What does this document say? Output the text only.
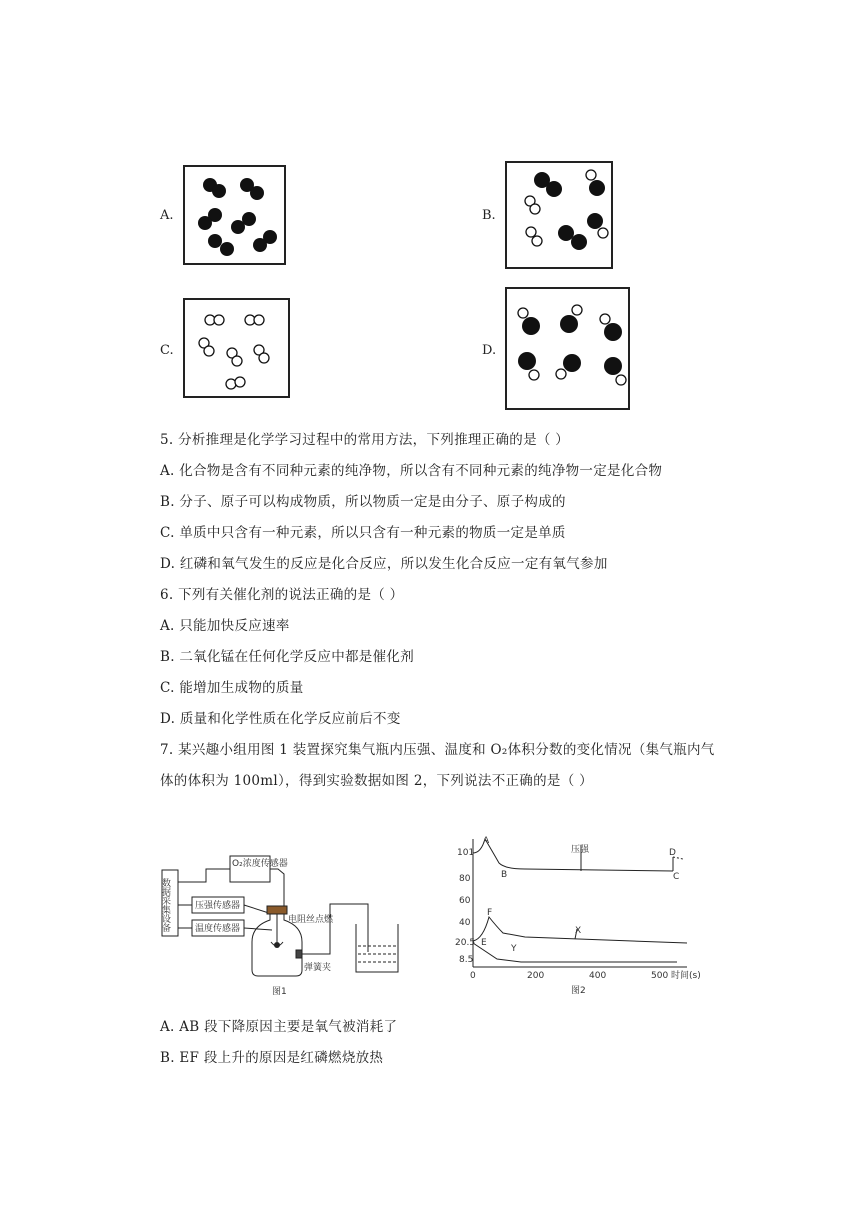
A.	B.
C.	D.
5. 分析推理是化学学习过程中的常用方法，下列推理正确的是（ ）
A. 化合物是含有不同种元素的纯净物，所以含有不同种元素的纯净物一定是化合物
B. 分子、原子可以构成物质，所以物质一定是由分子、原子构成的
C. 单质中只含有一种元素，所以只含有一种元素的物质一定是单质
D. 红磷和氧气发生的反应是化合反应，所以发生化合反应一定有氧气参加
6. 下列有关催化剂的说法正确的是（ ）
A. 只能加快反应速率
B. 二氧化锰在任何化学反应中都是催化剂
C. 能增加生成物的质量
D. 质量和化学性质在化学反应前后不变
7. 某兴趣小组用图 1 装置探究集气瓶内压强、温度和 O₂体积分数的变化情况（集气瓶内气
体的体积为 100ml），得到实验数据如图 2，下列说法不正确的是（ ）
数据采集设备
O₂浓度传感器
压强传感器
温度传感器
电阻丝点燃
弹簧夹
图1
101
80
60
40
20.5
8.5
0	200	400	500 时间(s)
A
B	C
D
E
F
X
Y
压强
图2
A. AB 段下降原因主要是氧气被消耗了
B. EF 段上升的原因是红磷燃烧放热
